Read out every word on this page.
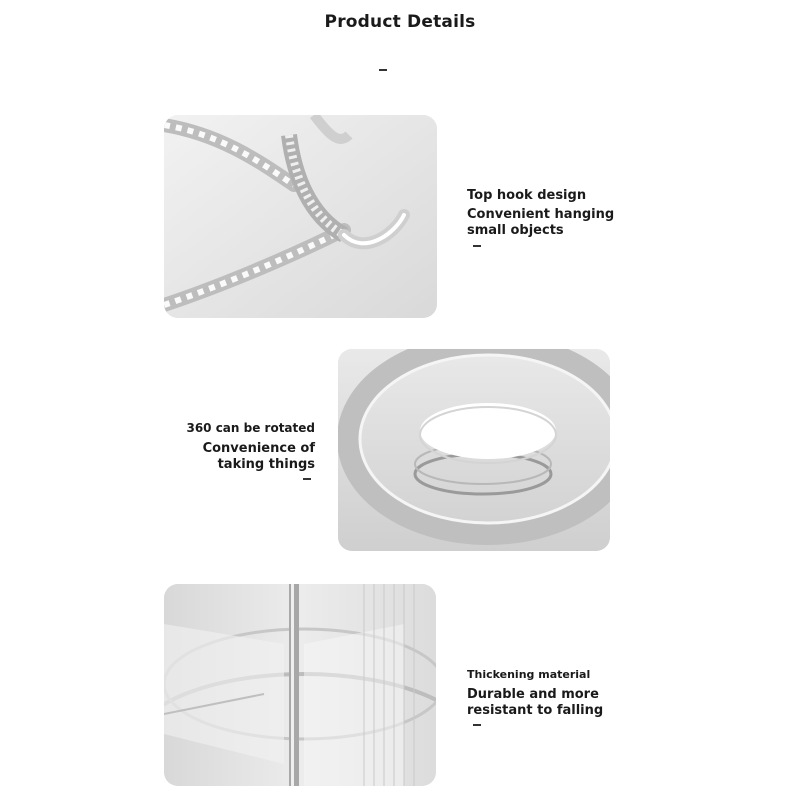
Product Details
Top hook design
Convenient hanging
small objects
360 can be rotated
Convenience of
taking things
Thickening material
Durable and more
resistant to falling
